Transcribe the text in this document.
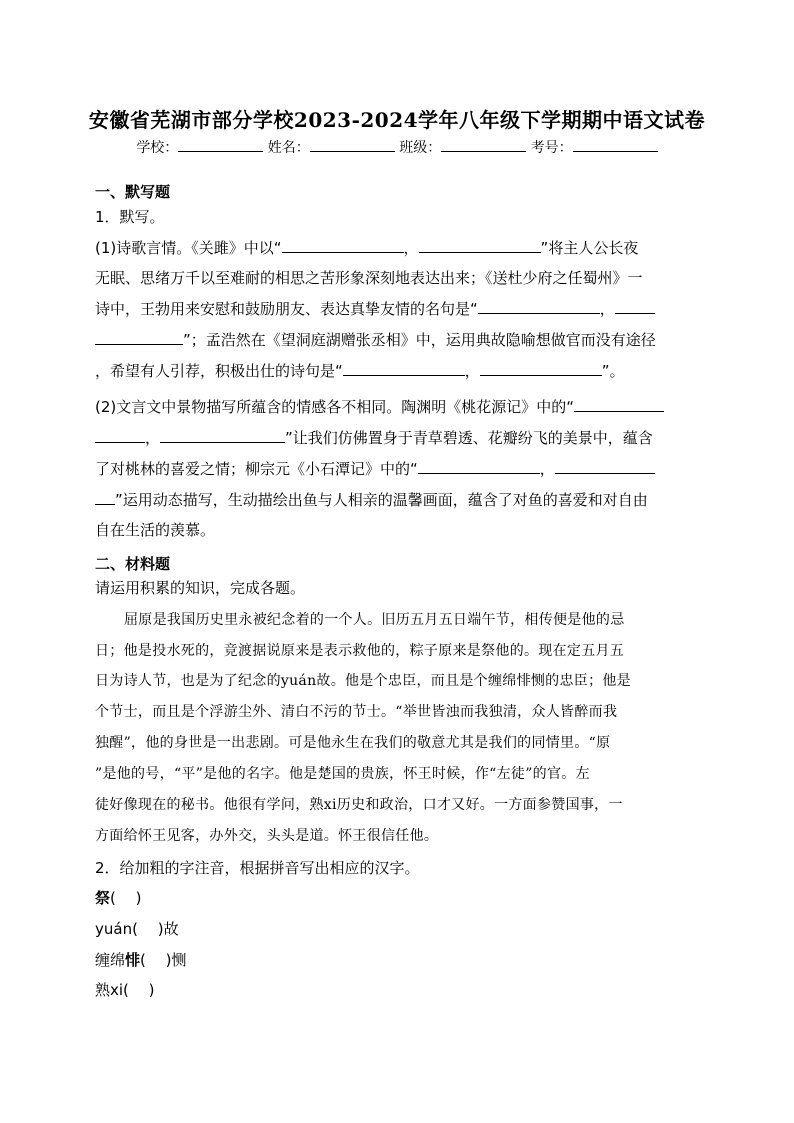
安徽省芜湖市部分学校2023-2024学年八年级下学期期中语文试卷
学校：	姓名：	班级：	考号：
一、默写题
1．默写。
(1)诗歌言情。《关雎》中以“	，	”将主人公长夜
无眠、思绪万千以至难耐的相思之苦形象深刻地表达出来；《送杜少府之任蜀州》一
诗中，王勃用来安慰和鼓励朋友、表达真挚友情的名句是“	，
”；孟浩然在《望洞庭湖赠张丞相》中，运用典故隐喻想做官而没有途径
，希望有人引荐，积极出仕的诗句是“	，	”。
(2)文言文中景物描写所蕴含的情感各不相同。陶渊明《桃花源记》中的“
，	”让我们仿佛置身于青草碧透、花瓣纷飞的美景中，蕴含
了对桃林的喜爱之情；柳宗元《小石潭记》中的“	，
”运用动态描写，生动描绘出鱼与人相亲的温馨画面，蕴含了对鱼的喜爱和对自由
自在生活的羡慕。
二、材料题
请运用积累的知识，完成各题。
屈原是我国历史里永被纪念着的一个人。旧历五月五日端午节，相传便是他的忌
日；他是投水死的，竞渡据说原来是表示救他的，粽子原来是祭他的。现在定五月五
日为诗人节，也是为了纪念的yuán故。他是个忠臣，而且是个缠绵悱恻的忠臣；他是
个节士，而且是个浮游尘外、清白不污的节士。“举世皆浊而我独清，众人皆醉而我
独醒”，他的身世是一出悲剧。可是他永生在我们的敬意尤其是我们的同情里。“原
”是他的号，“平”是他的名字。他是楚国的贵族，怀王时候，作“左徒”的官。左
徒好像现在的秘书。他很有学问，熟xi历史和政治，口才又好。一方面参赞国事，一
方面给怀王见客，办外交，头头是道。怀王很信任他。
2．给加粗的字注音，根据拼音写出相应的汉字。
祭(　 )
yuán(　 )故
缠绵悱(　 )恻
熟xi(　 )
